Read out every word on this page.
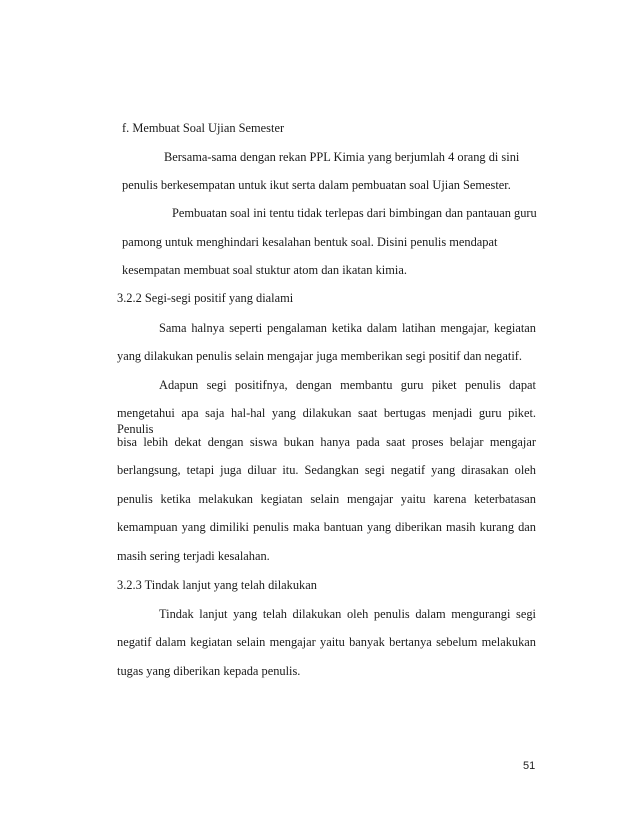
f. Membuat Soal Ujian Semester
Bersama-sama dengan rekan PPL Kimia yang berjumlah 4 orang di sini
penulis berkesempatan untuk ikut serta dalam pembuatan soal Ujian Semester.
Pembuatan soal ini tentu tidak terlepas dari bimbingan dan pantauan guru
pamong untuk menghindari kesalahan bentuk soal. Disini penulis mendapat
kesempatan membuat soal stuktur atom dan ikatan kimia.
3.2.2 Segi-segi positif yang dialami
Sama halnya seperti pengalaman ketika dalam latihan mengajar, kegiatan
yang dilakukan penulis selain mengajar juga memberikan segi positif dan negatif.
Adapun segi positifnya, dengan membantu guru piket penulis dapat
mengetahui apa saja hal-hal yang dilakukan saat bertugas menjadi guru piket. Penulis
bisa lebih dekat dengan siswa bukan hanya pada saat proses belajar mengajar
berlangsung, tetapi juga diluar itu. Sedangkan segi negatif yang dirasakan oleh
penulis ketika melakukan kegiatan selain mengajar yaitu karena keterbatasan
kemampuan yang dimiliki penulis maka bantuan yang diberikan masih kurang dan
masih sering terjadi kesalahan.
3.2.3 Tindak lanjut yang telah dilakukan
Tindak lanjut yang telah dilakukan oleh penulis dalam mengurangi segi
negatif dalam kegiatan selain mengajar yaitu banyak bertanya sebelum melakukan
tugas yang diberikan kepada penulis.
51
